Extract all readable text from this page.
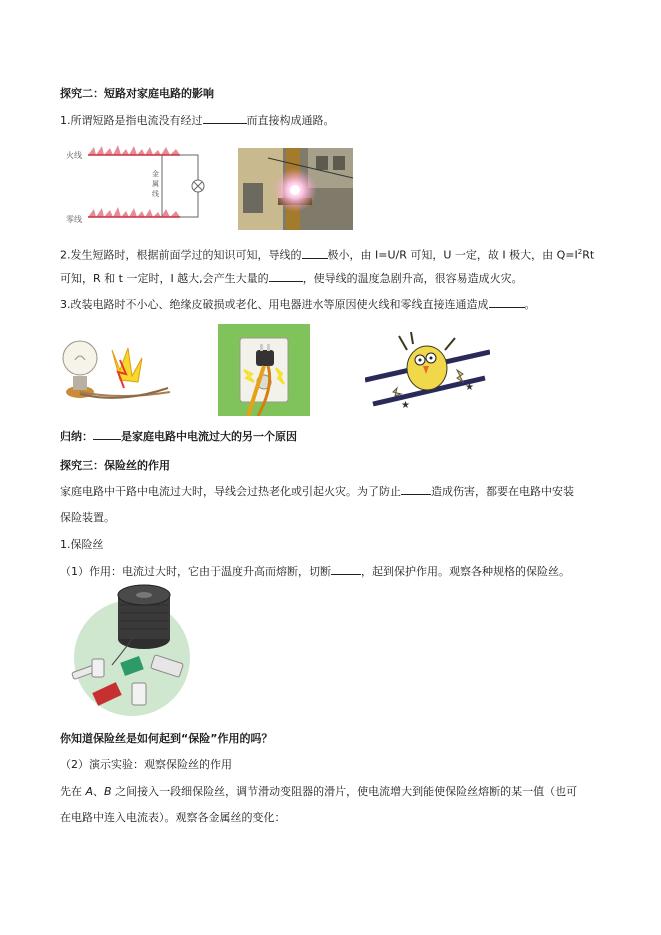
探究二：短路对家庭电路的影响
1.所谓短路是指电流没有经过	而直接构成通路。
火线
零线
金
属
线
2.发生短路时，根据前面学过的知识可知，导线的 极小，由 I=U/R 可知，U 一定，故 I 极大，由 $Q=I^2Rt$
可知，R 和 t 一定时，I 越大,会产生大量的	，使导线的温度急剧升高，很容易造成火灾。
3.改装电路时不小心、绝缘皮破损或老化、用电器进水等原因使火线和零线直接连通造成	。
★
★
归纳：	是家庭电路中电流过大的另一个原因
探究三：保险丝的作用
家庭电路中干路中电流过大时，导线会过热老化或引起火灾。为了防止	造成伤害，都要在电路中安装
保险装置。
1.保险丝
（1）作用：电流过大时，它由于温度升高而熔断，切断	，起到保护作用。观察各种规格的保险丝。
你知道保险丝是如何起到“保险”作用的吗？
（2）演示实验：观察保险丝的作用
先在 A、B 之间接入一段细保险丝，调节滑动变阻器的滑片，使电流增大到能使保险丝熔断的某一值（也可
在电路中连入电流表）。观察各金属丝的变化：
